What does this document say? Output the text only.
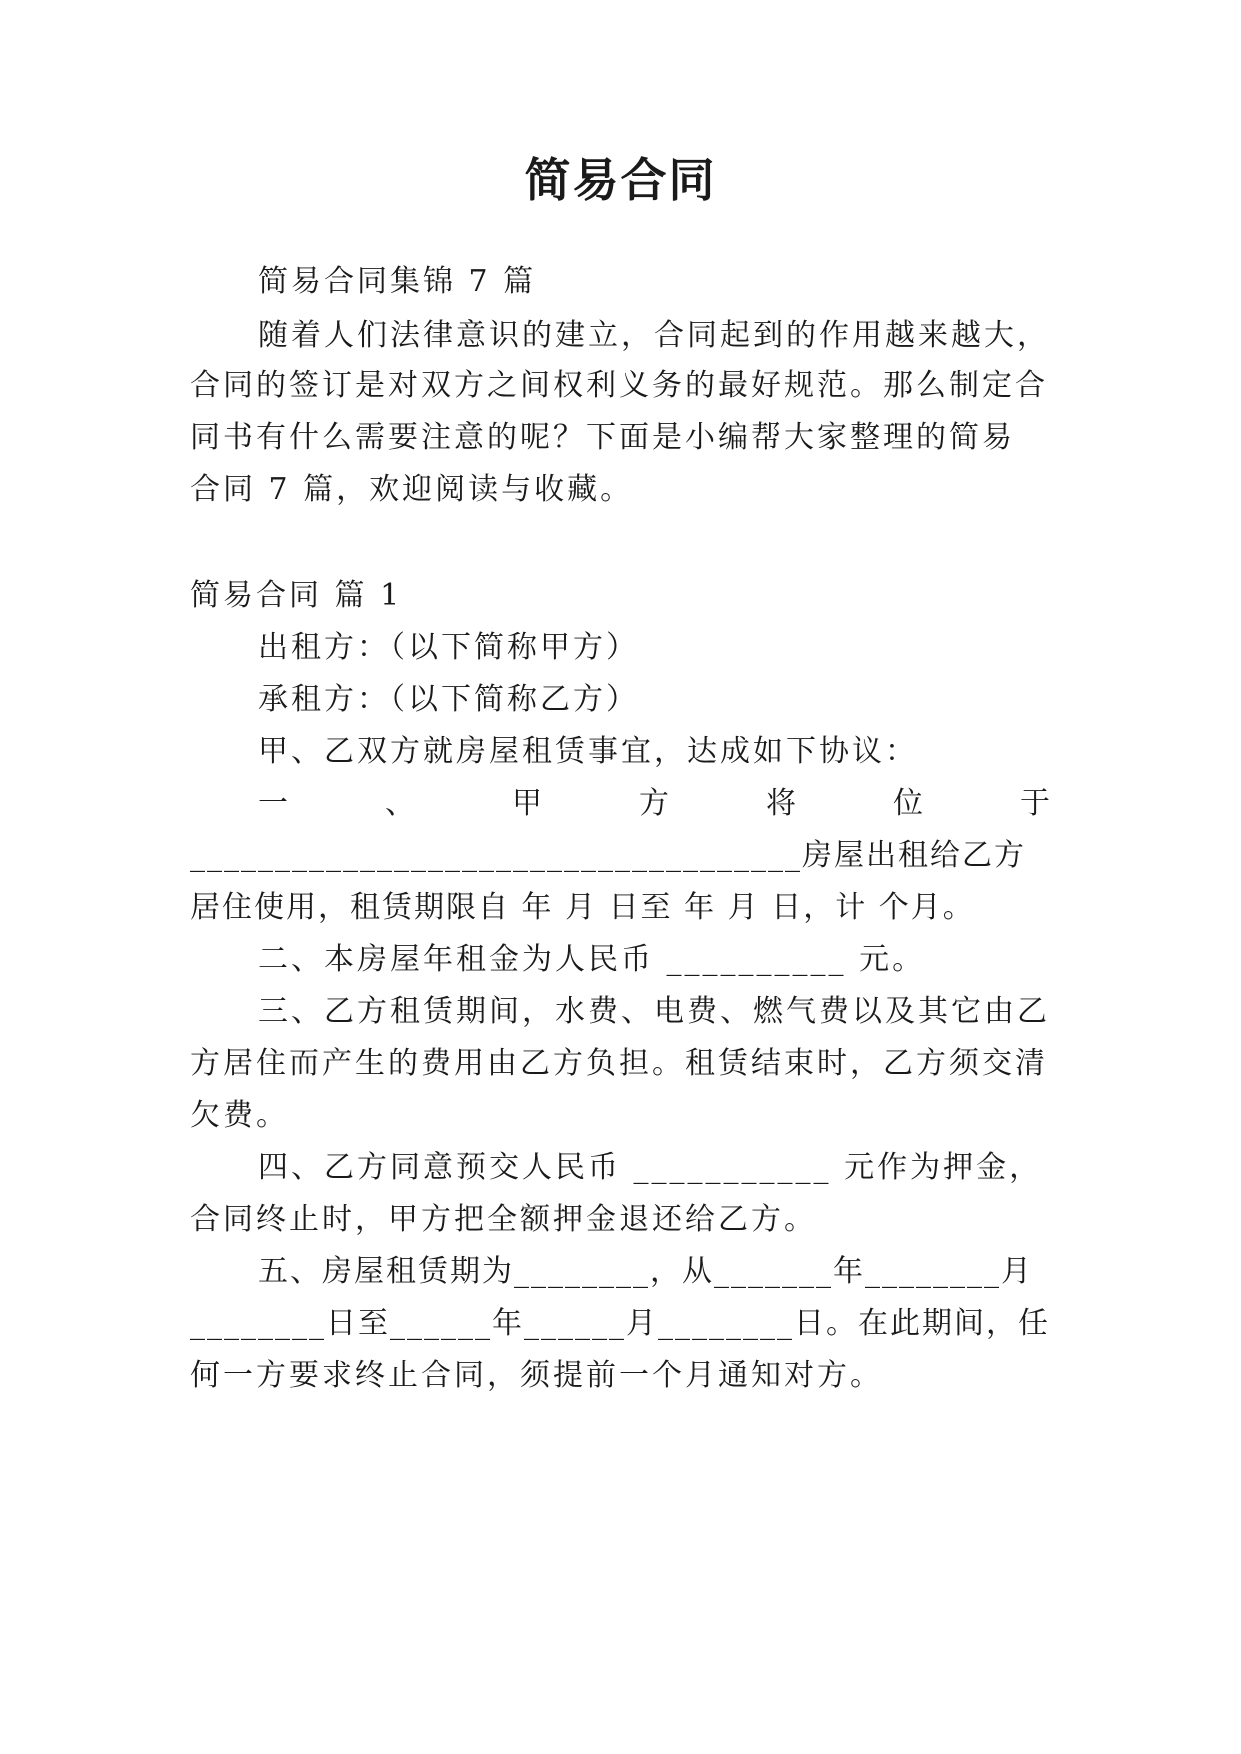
简易合同
简易合同集锦 7 篇
随着人们法律意识的建立，合同起到的作用越来越大，
合同的签订是对双方之间权利义务的最好规范。那么制定合
同书有什么需要注意的呢？下面是小编帮大家整理的简易
合同 7 篇，欢迎阅读与收藏。
简易合同 篇 1
出租方：（以下简称甲方）
承租方：（以下简称乙方）
甲、乙双方就房屋租赁事宜，达成如下协议：
一	、	甲	方	将	位	于
____________________________________房屋出租给乙方
居住使用，租赁期限自 年 月 日至 年 月 日，计 个月。
二、本房屋年租金为人民币 __________ 元。
三、乙方租赁期间，水费、电费、燃气费以及其它由乙
方居住而产生的费用由乙方负担。租赁结束时，乙方须交清
欠费。
四、乙方同意预交人民币 ___________ 元作为押金，
合同终止时，甲方把全额押金退还给乙方。
五、房屋租赁期为________，从_______年________月
________日至______年______月________日。在此期间，任
何一方要求终止合同，须提前一个月通知对方。
